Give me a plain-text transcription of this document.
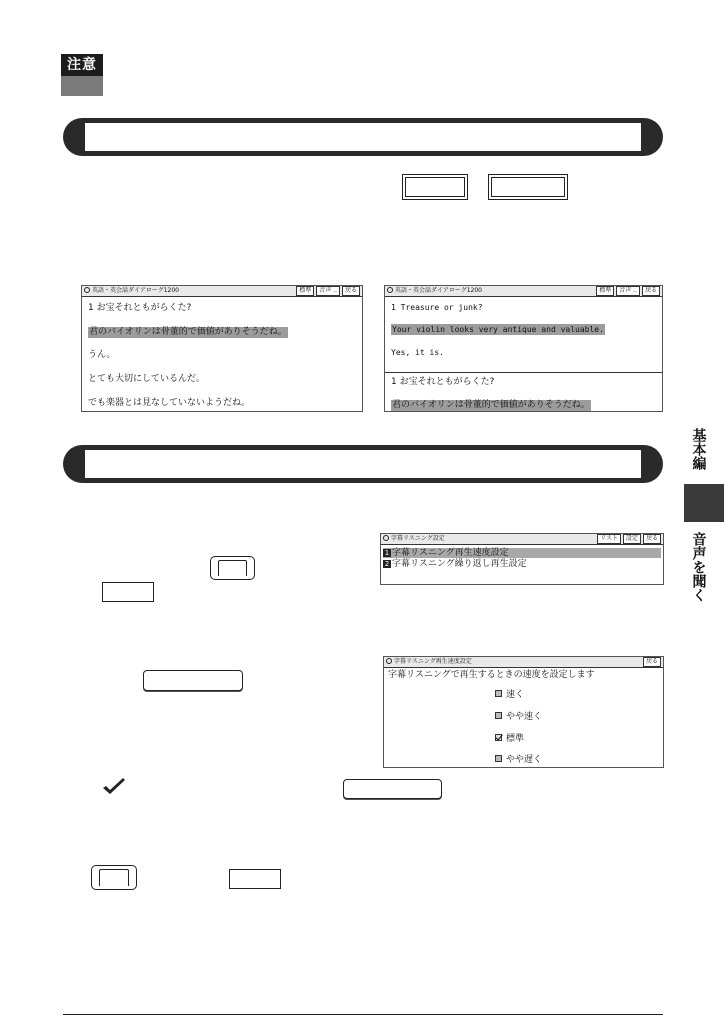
注意
英語・英会話ダイアローグ1200	標準 音声 .. 戻る
1 お宝それともがらくた?
君のバイオリンは骨董的で価値がありそうだね。
うん。
とても大切にしているんだ。
でも楽器とは見なしていないようだね。
英語・英会話ダイアローグ1200	標準 音声 .. 戻る
1 Treasure or junk?
Your violin looks very antique and valuable.
Yes, it is.
1 お宝それともがらくた?
君のバイオリンは骨董的で価値がありそうだね。
字幕リスニング設定	リスト 設定 戻る
1 字幕リスニング再生速度設定
2 字幕リスニング繰り返し再生設定
字幕リスニング再生速度設定	戻る
字幕リスニングで再生するときの速度を設定します
速く
やや速く
標準
やや遅く
基本編
音声を聞く
